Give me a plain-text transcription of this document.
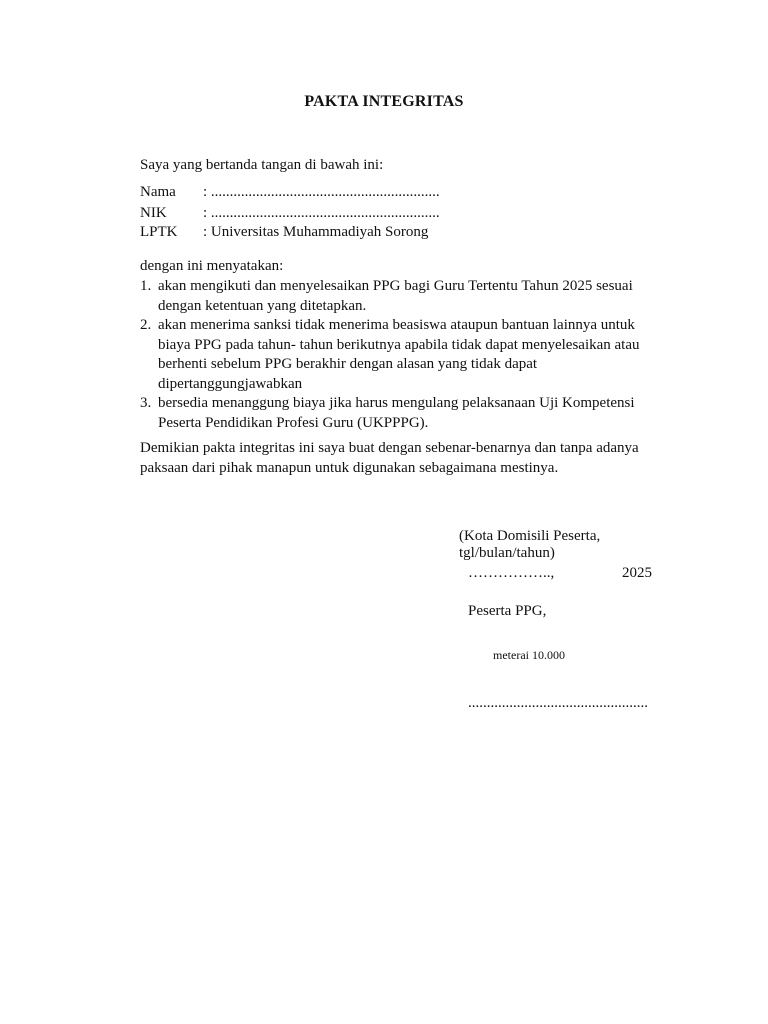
PAKTA INTEGRITAS
Saya yang bertanda tangan di bawah ini:
Nama : .............................................................
NIK : .............................................................
LPTK : Universitas Muhammadiyah Sorong
dengan ini menyatakan:
1. akan mengikuti dan menyelesaikan PPG bagi Guru Tertentu Tahun 2025 sesuai dengan ketentuan yang ditetapkan.
2. akan menerima sanksi tidak menerima beasiswa ataupun bantuan lainnya untuk biaya PPG pada tahun- tahun berikutnya apabila tidak dapat menyelesaikan atau berhenti sebelum PPG berakhir dengan alasan yang tidak dapat dipertanggungjawabkan
3. bersedia menanggung biaya jika harus mengulang pelaksanaan Uji Kompetensi Peserta Pendidikan Profesi Guru (UKPPPG).
Demikian pakta integritas ini saya buat dengan sebenar-benarnya dan tanpa adanya paksaan dari pihak manapun untuk digunakan sebagaimana mestinya.
(Kota Domisili Peserta,
tgl/bulan/tahun)
……………..,	2025
Peserta PPG,
meterai 10.000
................................................
